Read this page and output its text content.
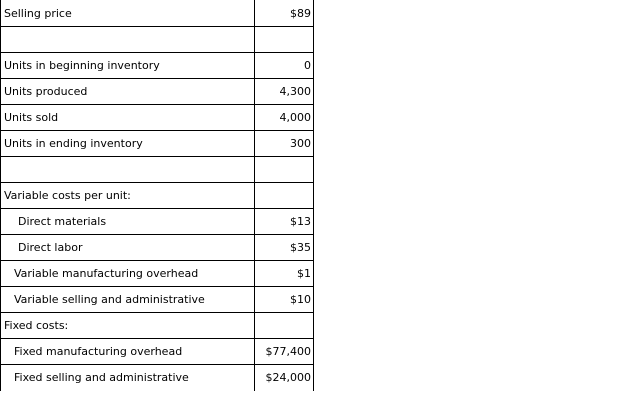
Selling price	$89

Units in beginning inventory	0
Units produced	4,300
Units sold	4,000
Units in ending inventory	300

Variable costs per unit:	
Direct materials	$13
Direct labor	$35
Variable manufacturing overhead	$1
Variable selling and administrative	$10
Fixed costs:	
Fixed manufacturing overhead	$77,400
Fixed selling and administrative	$24,000
